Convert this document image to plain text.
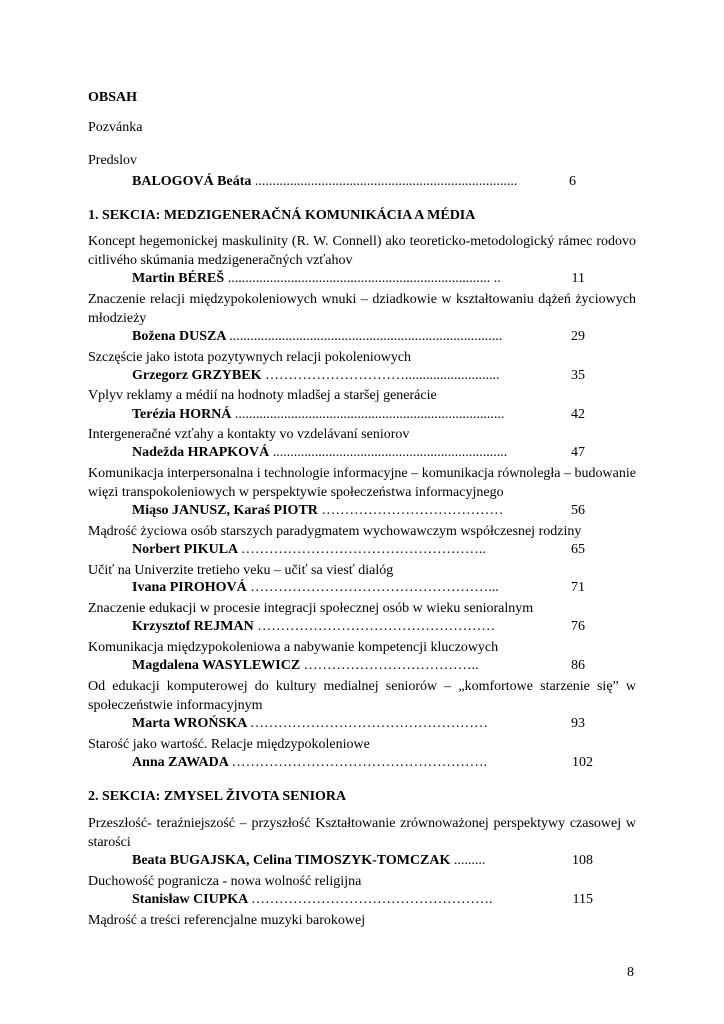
OBSAH
Pozvánka
Predslov
BALOGOVÁ Beáta ...........................................................................	6
1. SEKCIA: MEDZIGENERAČNÁ KOMUNIKÁCIA A MÉDIA
Koncept hegemonickej maskulinity (R. W. Connell) ako teoreticko-metodologický rámec rodovo citlivého skúmania medzigeneračných vzťahov
Martin BÉREŠ ........................................................................... ..	11
Znaczenie relacji międzypokoleniowych wnuki – dziadkowie w kształtowaniu dążeń życiowych młodzieży
Božena DUSZA ..............................................................................	29
Szczęście jako istota pozytywnych relacji pokoleniowych
Grzegorz GRZYBEK …………………………...........................	35
Vplyv reklamy a médií na hodnoty mladšej a staršej generácie
Terézia HORNÁ .............................................................................	42
Intergeneračné vzťahy a kontakty vo vzdelávaní seniorov
Nadežda HRAPKOVÁ ...................................................................	47
Komunikacja interpersonalna i technologie informacyjne – komunikacja równoległa – budowanie więzi transpokoleniowych w perspektywie społeczeństwa informacyjnego
Miąso JANUSZ, Karaś PIOTR …………………………………	56
Mądrość życiowa osób starszych paradygmatem wychowawczym współczesnej rodziny
Norbert PIKULA ……………………………………………..	65
Učiť na Univerzite tretieho veku – učiť sa viesť dialóg
Ivana PIROHOVÁ ……………………………………………...	71
Znaczenie edukacji w procesie integracji społecznej osób w wieku senioralnym
Krzysztof REJMAN ……………………………………………	76
Komunikacja międzypokoleniowa a nabywanie kompetencji kluczowych
Magdalena WASYLEWICZ ………………………………..	86
Od edukacji komputerowej do kultury medialnej seniorów – „komfortowe starzenie się” w społeczeństwie informacyjnym
Marta WROŃSKA ……………………………………………	93
Starość jako wartość. Relacje międzypokoleniowe
Anna ZAWADA ……………………………………………….	102
2. SEKCIA: ZMYSEL ŽIVOTA SENIORA
Przeszłość- teraźniejszość – przyszłość Kształtowanie zrównoważonej perspektywy czasowej w starości
Beata BUGAJSKA, Celina TIMOSZYK-TOMCZAK .........	108
Duchowość pogranicza - nowa wolność religijna
Stanisław CIUPKA …………………………………………….	115
Mądrość a treści referencjalne muzyki barokowej
8
